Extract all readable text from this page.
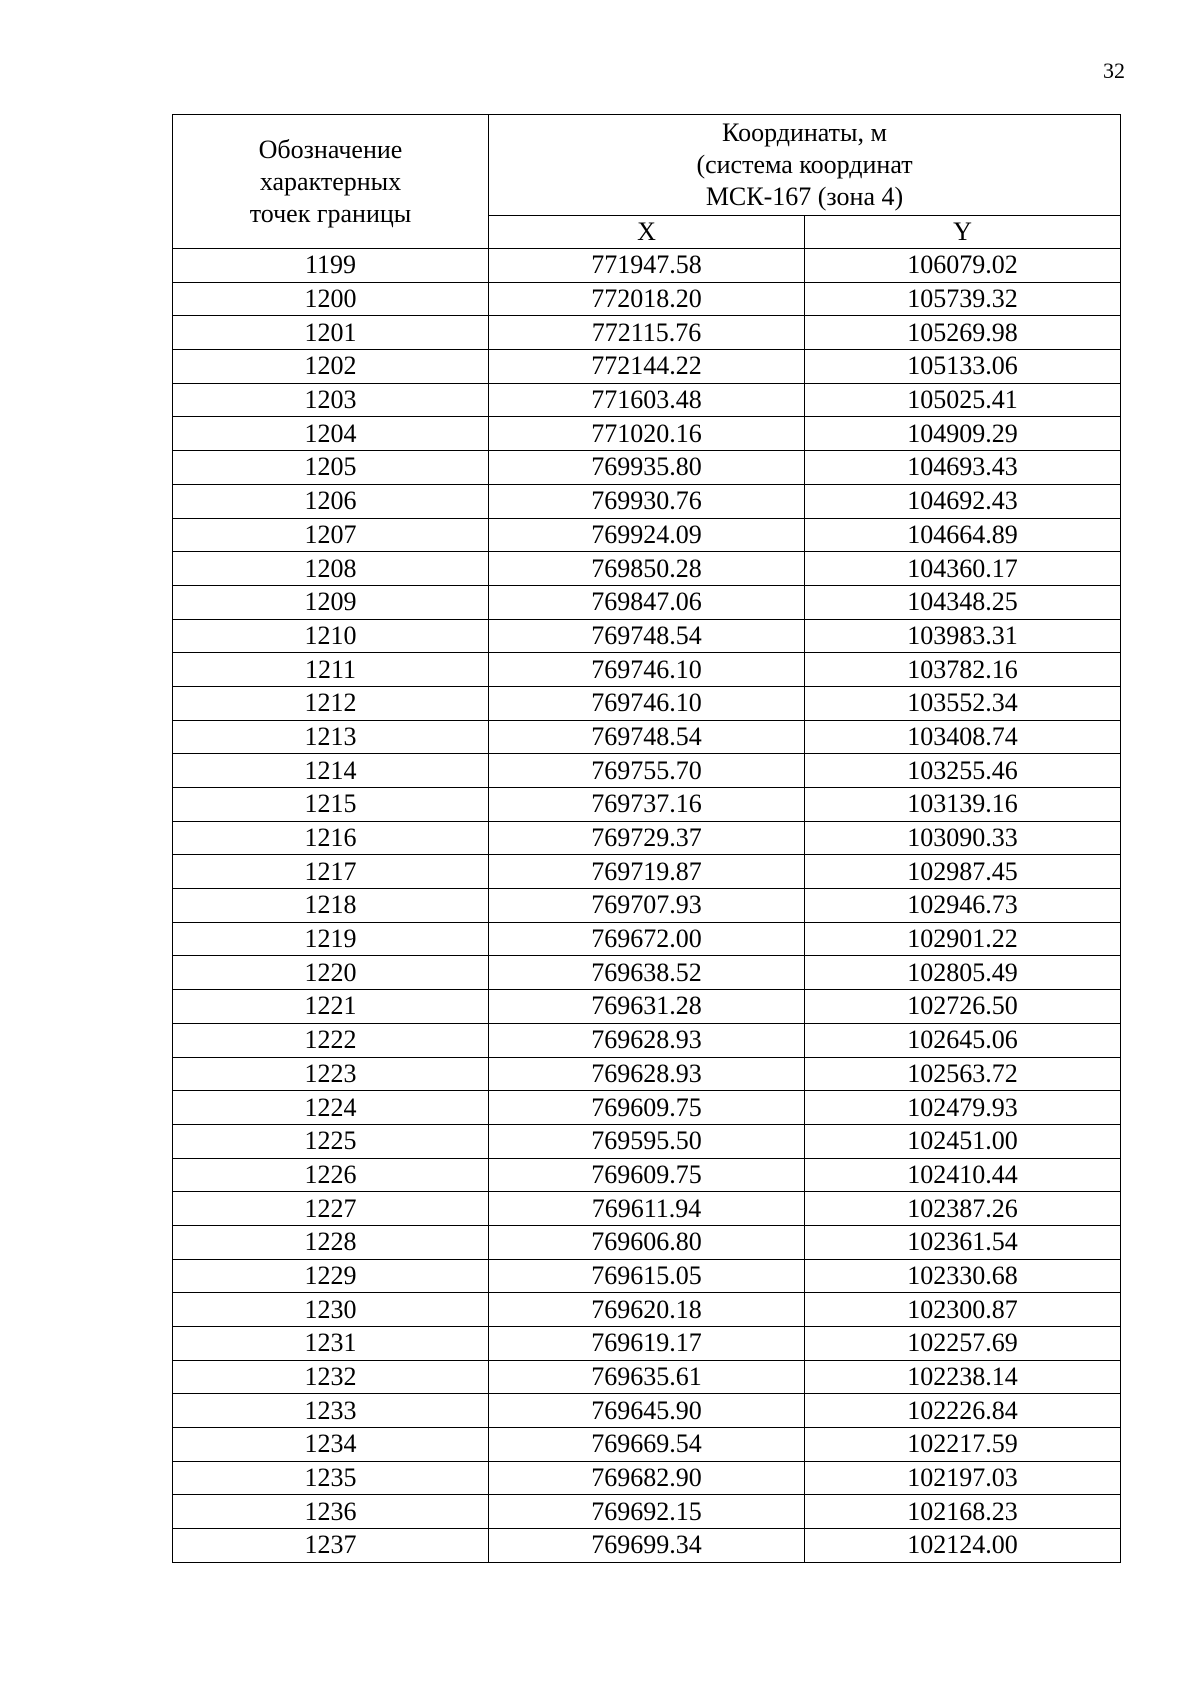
32
Обозначение
характерных
точек границы	Координаты, м
(система координат
МСК-167 (зона 4)	

	X	Y
1199	771947.58	106079.02
1200	772018.20	105739.32
1201	772115.76	105269.98
1202	772144.22	105133.06
1203	771603.48	105025.41
1204	771020.16	104909.29
1205	769935.80	104693.43
1206	769930.76	104692.43
1207	769924.09	104664.89
1208	769850.28	104360.17
1209	769847.06	104348.25
1210	769748.54	103983.31
1211	769746.10	103782.16
1212	769746.10	103552.34
1213	769748.54	103408.74
1214	769755.70	103255.46
1215	769737.16	103139.16
1216	769729.37	103090.33
1217	769719.87	102987.45
1218	769707.93	102946.73
1219	769672.00	102901.22
1220	769638.52	102805.49
1221	769631.28	102726.50
1222	769628.93	102645.06
1223	769628.93	102563.72
1224	769609.75	102479.93
1225	769595.50	102451.00
1226	769609.75	102410.44
1227	769611.94	102387.26
1228	769606.80	102361.54
1229	769615.05	102330.68
1230	769620.18	102300.87
1231	769619.17	102257.69
1232	769635.61	102238.14
1233	769645.90	102226.84
1234	769669.54	102217.59
1235	769682.90	102197.03
1236	769692.15	102168.23
1237	769699.34	102124.00
